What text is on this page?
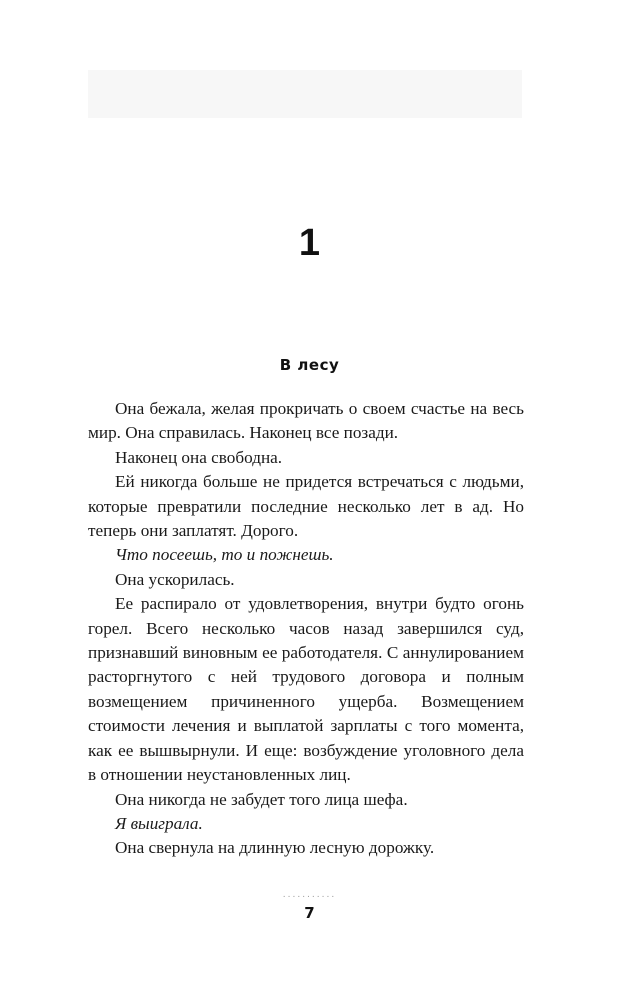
1
В лесу

Она бежала, желая прокричать о своем счастье на весь мир. Она справилась. Наконец все позади.

Наконец она свободна.

Ей никогда больше не придется встречаться с людьми, которые превратили последние несколько лет в ад. Но теперь они заплатят. Дорого.

Что посеешь, то и пожнешь.

Она ускорилась.

Ее распирало от удовлетворения, внутри будто огонь горел. Всего несколько часов назад завершился суд, признавший виновным ее работодателя. С аннулированием расторгнутого с ней трудового договора и полным возмещением причиненного ущерба. Возмещением стоимости лечения и выплатой зарплаты с того момента, как ее вышвырнули. И еще: возбуждение уголовного дела в отношении неустановленных лиц.

Она никогда не забудет того лица шефа.

Я выиграла.

Она свернула на длинную лесную дорожку.

...........
7
